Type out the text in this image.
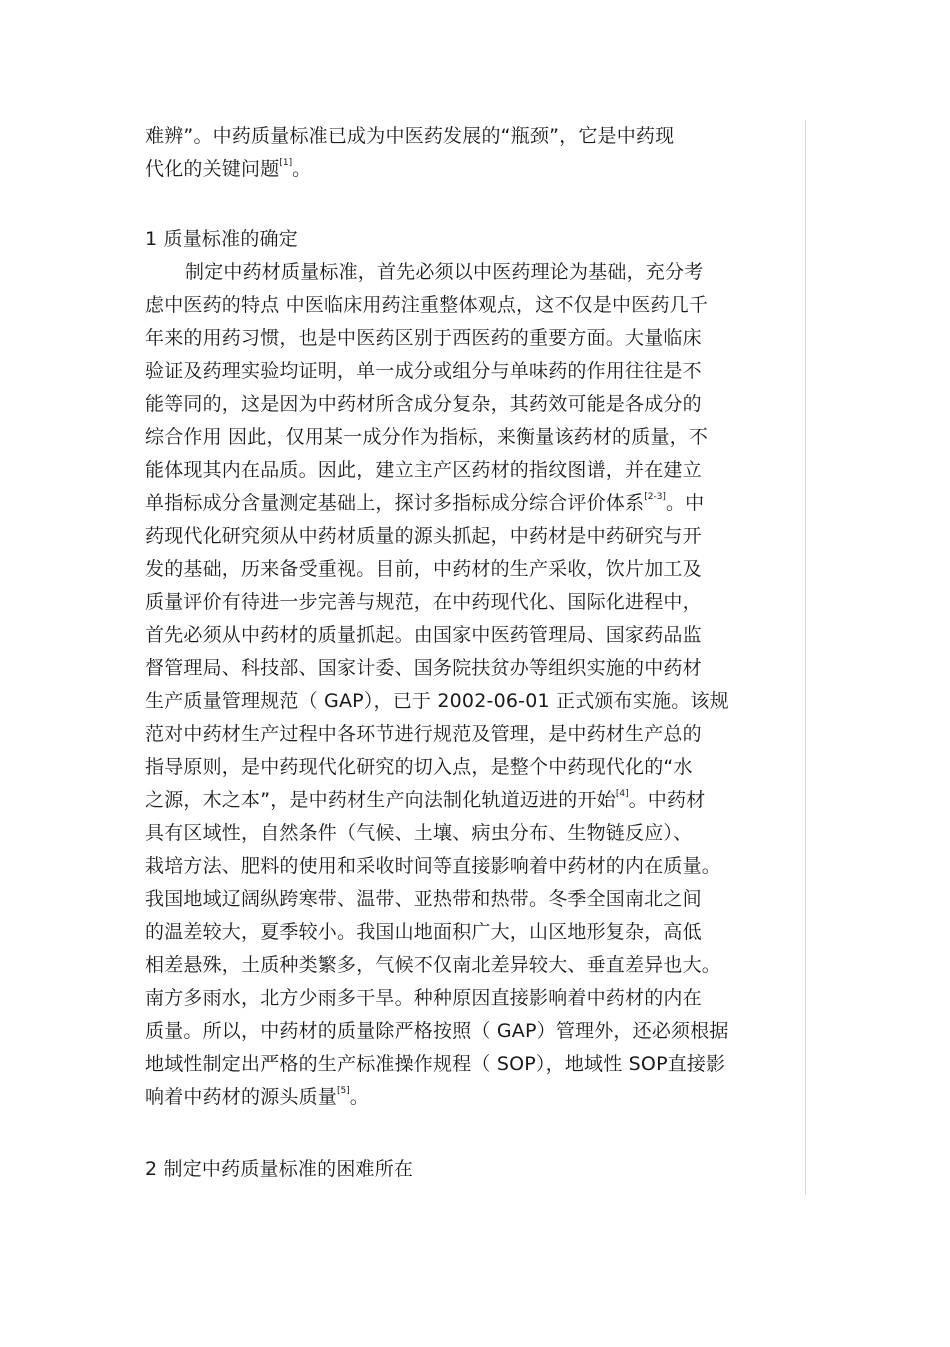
难辨”。中药质量标准已成为中医药发展的“瓶颈”，它是中药现
代化的关键问题[1]。
1 质量标准的确定
制定中药材质量标准，首先必须以中医药理论为基础，充分考
虑中医药的特点 中医临床用药注重整体观点，这不仅是中医药几千
年来的用药习惯，也是中医药区别于西医药的重要方面。大量临床
验证及药理实验均证明，单一成分或组分与单味药的作用往往是不
能等同的，这是因为中药材所含成分复杂，其药效可能是各成分的
综合作用 因此，仅用某一成分作为指标，来衡量该药材的质量，不
能体现其内在品质。因此，建立主产区药材的指纹图谱，并在建立
单指标成分含量测定基础上，探讨多指标成分综合评价体系[2-3]。中
药现代化研究须从中药材质量的源头抓起，中药材是中药研究与开
发的基础，历来备受重视。目前，中药材的生产采收，饮片加工及
质量评价有待进一步完善与规范，在中药现代化、国际化进程中，
首先必须从中药材的质量抓起。由国家中医药管理局、国家药品监
督管理局、科技部、国家计委、国务院扶贫办等组织实施的中药材
生产质量管理规范（ GAP），已于 2002-06-01 正式颁布实施。该规
范对中药材生产过程中各环节进行规范及管理，是中药材生产总的
指导原则，是中药现代化研究的切入点，是整个中药现代化的“水
之源，木之本”，是中药材生产向法制化轨道迈进的开始[4]。中药材
具有区域性，自然条件（气候、土壤、病虫分布、生物链反应）、
栽培方法、肥料的使用和采收时间等直接影响着中药材的内在质量。
我国地域辽阔纵跨寒带、温带、亚热带和热带。冬季全国南北之间
的温差较大，夏季较小。我国山地面积广大，山区地形复杂，高低
相差悬殊，土质种类繁多，气候不仅南北差异较大、垂直差异也大。
南方多雨水，北方少雨多干旱。种种原因直接影响着中药材的内在
质量。所以，中药材的质量除严格按照（ GAP）管理外，还必须根据
地域性制定出严格的生产标准操作规程（ SOP），地域性 SOP直接影
响着中药材的源头质量[5]。
2 制定中药质量标准的困难所在
